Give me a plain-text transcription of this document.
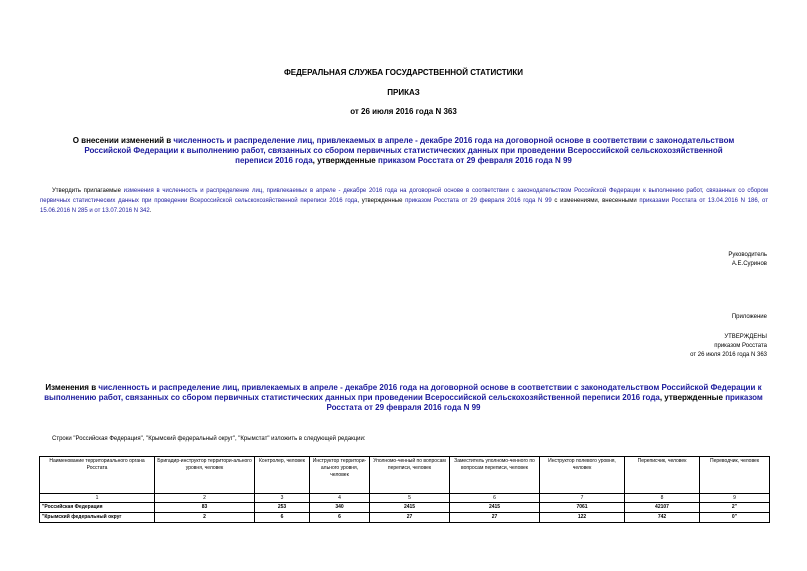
ФЕДЕРАЛЬНАЯ СЛУЖБА ГОСУДАРСТВЕННОЙ СТАТИСТИКИ
ПРИКАЗ
от 26 июля 2016 года N 363
О внесении изменений в численность и распределение лиц, привлекаемых в апреле - декабре 2016 года на договорной основе в соответствии с законодательством Российской Федерации к выполнению работ, связанных со сбором первичных статистических данных при проведении Всероссийской сельскохозяйственной переписи 2016 года, утвержденные приказом Росстата от 29 февраля 2016 года N 99
Утвердить прилагаемые изменения в численность и распределение лиц, привлекаемых в апреле - декабре 2016 года на договорной основе в соответствии с законодательством Российской Федерации к выполнению работ, связанных со сбором первичных статистических данных при проведении Всероссийской сельскохозяйственной переписи 2016 года, утвержденные приказом Росстата от 29 февраля 2016 года N 99 с изменениями, внесенными приказами Росстата от 13.04.2016 N 186, от 15.06.2016 N 285 и от 13.07.2016 N 342.
Руководитель
А.Е.Суринов
Приложение
УТВЕРЖДЕНЫ
приказом Росстата
от 26 июля 2016 года N 363
Изменения в численность и распределение лиц, привлекаемых в апреле - декабре 2016 года на договорной основе в соответствии с законодательством Российской Федерации к выполнению работ, связанных со сбором первичных статистических данных при проведении Всероссийской сельскохозяйственной переписи 2016 года, утвержденные приказом Росстата от 29 февраля 2016 года N 99
Строки "Российская Федерация", "Крымский федеральный округ", "Крымстат" изложить в следующей редакции:
Наименование территориального органа Росстата	Бригадир-инструктор территори-ального уровня, человек	Контролер, человек	Инструктор территори-ального уровня, человек	Уполномо-ченный по вопросам переписи, человек	Заместитель уполномо-ченного по вопросам переписи, человек	Инструктор полевого уровня, человек	Переписчик, человек	Переводчик, человек
1	2	3	4	5	6	7	8	9
"Российская Федерация	83	253	340	2415	2415	7061	42107	2"
"Крымский федеральный округ	2	6	6	27	27	122	742	0"
